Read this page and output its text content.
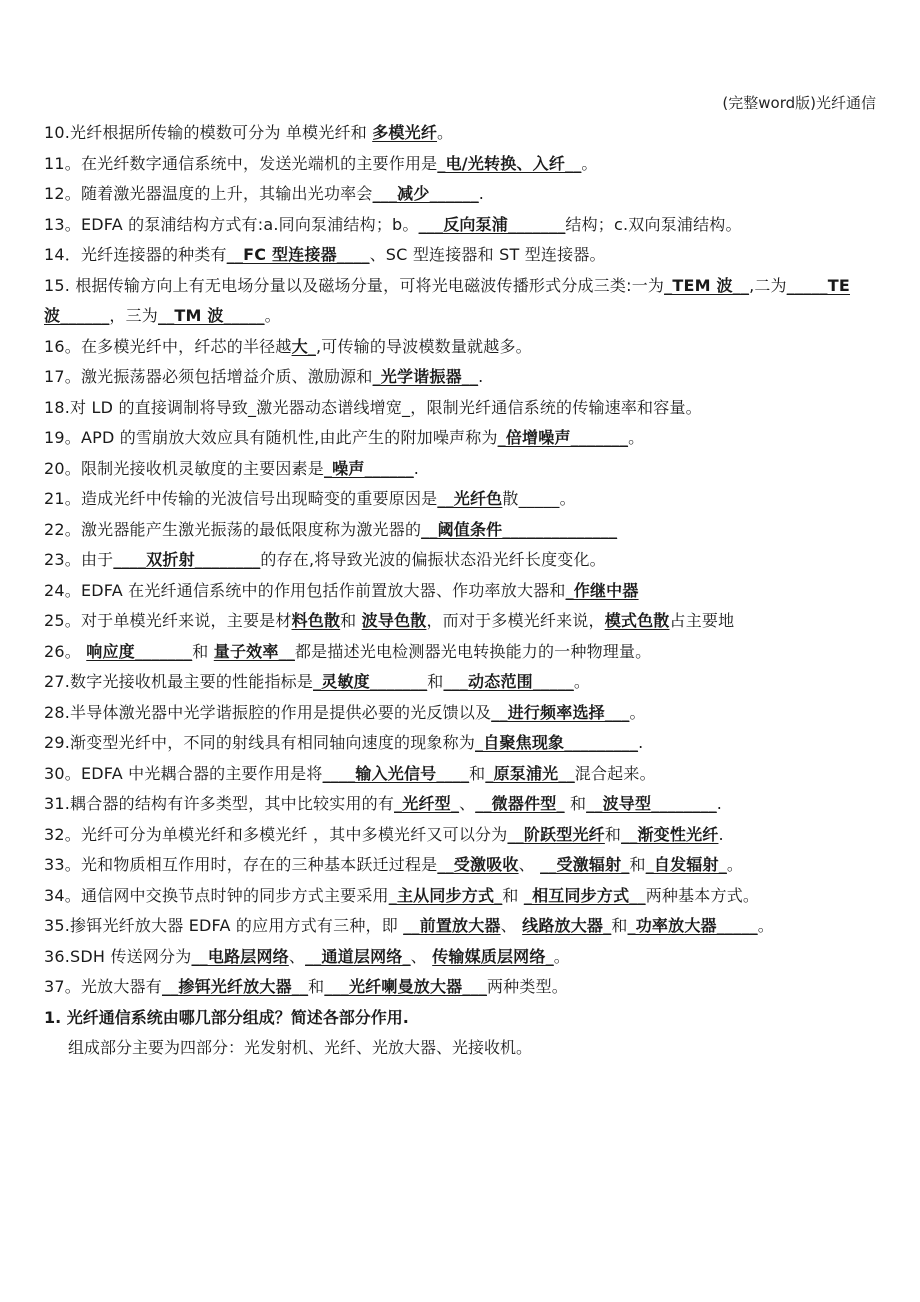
(完整word版)光纤通信
10.光纤根据所传输的模数可分为 单模光纤和 多模光纤。
11。在光纤数字通信系统中，发送光端机的主要作用是_电/光转换、入纤__。
12。随着激光器温度的上升，其输出光功率会___减少______.
13。EDFA 的泵浦结构方式有:a.同向泵浦结构；b。___反向泵浦_______结构；c.双向泵浦结构。
14．光纤连接器的种类有__FC 型连接器____、SC 型连接器和 ST 型连接器。
15. 根据传输方向上有无电场分量以及磁场分量，可将光电磁波传播形式分成三类:一为_TEM 波__,二为_____TE
波______，三为__TM 波_____。
16。在多模光纤中，纤芯的半径越大_,可传输的导波模数量就越多。
17。激光振荡器必须包括增益介质、激励源和_光学谐振器__.
18.对 LD 的直接调制将导致_激光器动态谱线增宽_，限制光纤通信系统的传输速率和容量。
19。APD 的雪崩放大效应具有随机性,由此产生的附加噪声称为_倍增噪声_______。
20。限制光接收机灵敏度的主要因素是_噪声______.
21。造成光纤中传输的光波信号出现畸变的重要原因是__光纤色散_____。
22。激光器能产生激光振荡的最低限度称为激光器的__阈值条件______________
23。由于____双折射________的存在,将导致光波的偏振状态沿光纤长度变化。
24。EDFA 在光纤通信系统中的作用包括作前置放大器、作功率放大器和_作继中器
25。对于单模光纤来说，主要是材料色散和 波导色散，而对于多模光纤来说，模式色散占主要地
26。 响应度_______和 量子效率__都是描述光电检测器光电转换能力的一种物理量。
27.数字光接收机最主要的性能指标是_灵敏度_______和___动态范围_____。
28.半导体激光器中光学谐振腔的作用是提供必要的光反馈以及__进行频率选择___。
29.渐变型光纤中，不同的射线具有相同轴向速度的现象称为_自聚焦现象_________.
30。EDFA 中光耦合器的主要作用是将____输入光信号____和_原泵浦光__混合起来。
31.耦合器的结构有许多类型，其中比较实用的有_光纤型_、__微器件型_ 和__波导型________.
32。光纤可分为单模光纤和多模光纤 ，其中多模光纤又可以分为__阶跃型光纤和__渐变性光纤.
33。光和物质相互作用时，存在的三种基本跃迁过程是__受激吸收、 __受激辐射_和_自发辐射_。
34。通信网中交换节点时钟的同步方式主要采用_主从同步方式_和 _相互同步方式__两种基本方式。
35.掺铒光纤放大器 EDFA 的应用方式有三种，即 __前置放大器、 线路放大器_和_功率放大器_____。
36.SDH 传送网分为__电路层网络、__通道层网络_、 传输媒质层网络_。
37。光放大器有__掺铒光纤放大器__和___光纤喇曼放大器___两种类型。
1. 光纤通信系统由哪几部分组成？简述各部分作用.
组成部分主要为四部分：光发射机、光纤、光放大器、光接收机。
